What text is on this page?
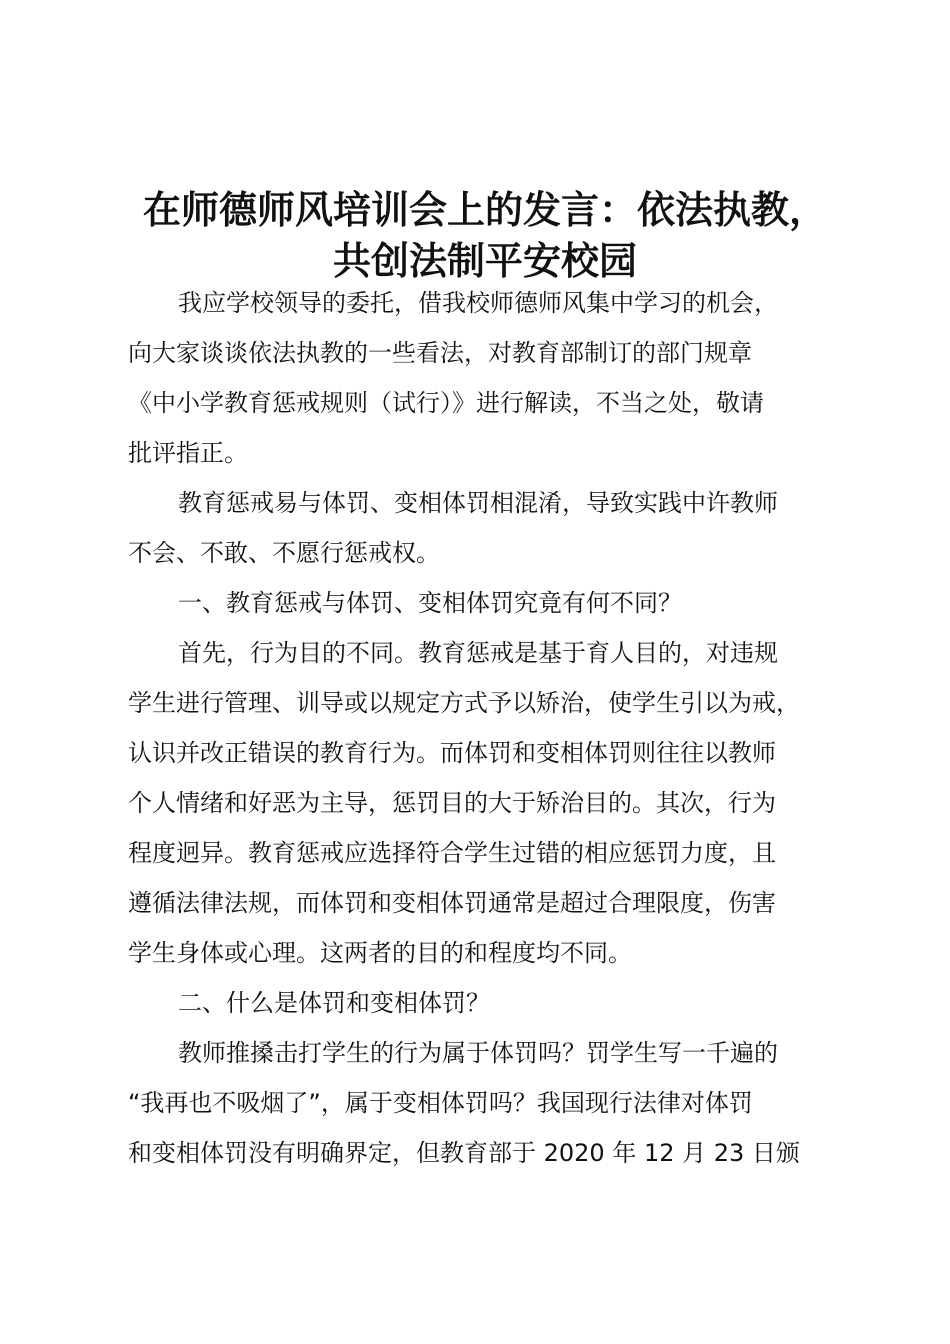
在师德师风培训会上的发言：依法执教，
共创法制平安校园
我应学校领导的委托，借我校师德师风集中学习的机会，
向大家谈谈依法执教的一些看法，对教育部制订的部门规章
《中小学教育惩戒规则（试行）》进行解读，不当之处，敬请
批评指正。
教育惩戒易与体罚、变相体罚相混淆，导致实践中许教师
不会、不敢、不愿行惩戒权。
一、教育惩戒与体罚、变相体罚究竟有何不同？
首先，行为目的不同。教育惩戒是基于育人目的，对违规
学生进行管理、训导或以规定方式予以矫治，使学生引以为戒，
认识并改正错误的教育行为。而体罚和变相体罚则往往以教师
个人情绪和好恶为主导，惩罚目的大于矫治目的。其次，行为
程度迥异。教育惩戒应选择符合学生过错的相应惩罚力度，且
遵循法律法规，而体罚和变相体罚通常是超过合理限度，伤害
学生身体或心理。这两者的目的和程度均不同。
二、什么是体罚和变相体罚？
教师推搡击打学生的行为属于体罚吗？罚学生写一千遍的
“我再也不吸烟了”，属于变相体罚吗？我国现行法律对体罚
和变相体罚没有明确界定，但教育部于 2020 年 12 月 23 日颁
